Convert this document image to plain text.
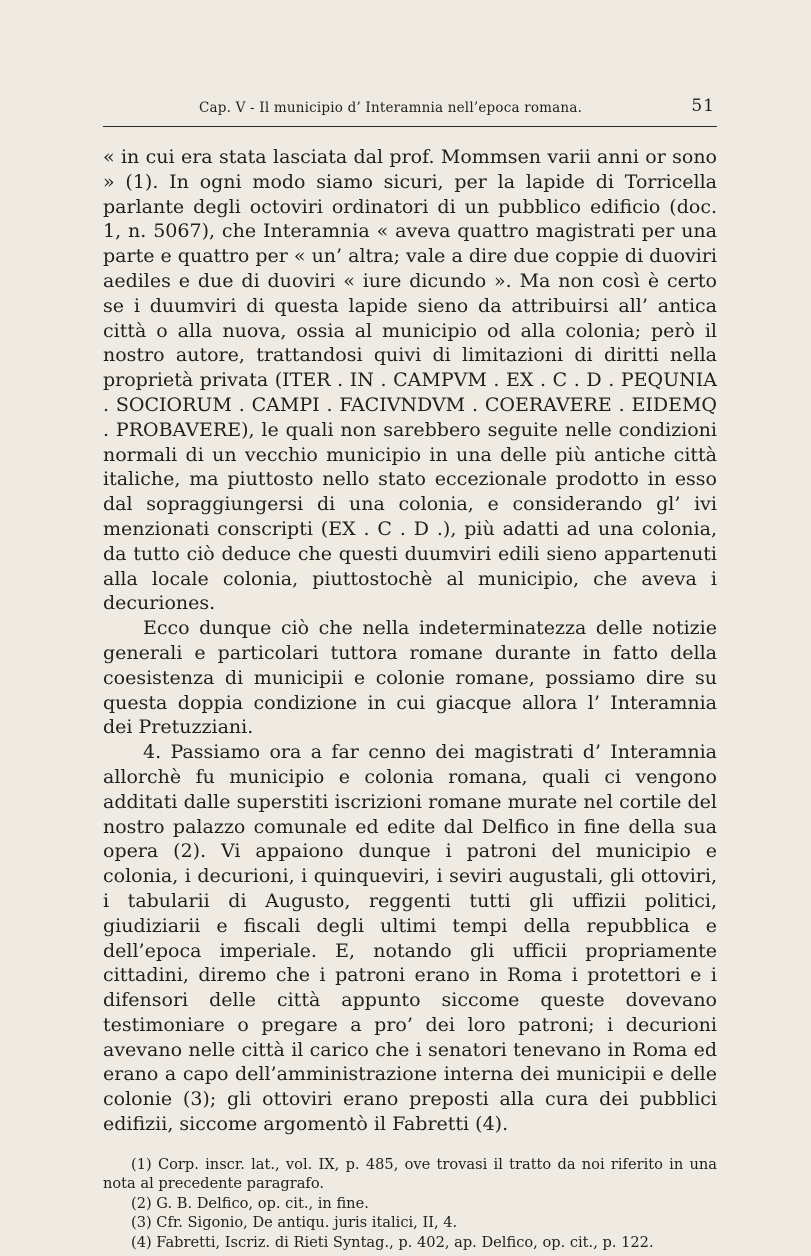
Cap. V - Il municipio d’ Interamnia nell’epoca romana.	51

« in cui era stata lasciata dal prof. Mommsen varii anni or sono » (1). In ogni modo siamo sicuri, per la lapide di Torricella parlante degli octoviri ordinatori di un pubblico edificio (doc. 1, n. 5067), che Interamnia « aveva quattro magistrati per una parte e quattro per « un’ altra; vale a dire due coppie di duoviri aediles e due di duoviri « iure dicundo ». Ma non così è certo se i duumviri di questa lapide sieno da attribuirsi all’ antica città o alla nuova, ossia al municipio od alla colonia; però il nostro autore, trattandosi quivi di limitazioni di diritti nella proprietà privata (ITER . IN . CAMPVM . EX . C . D . PEQUNIA . SOCIORUM . CAMPI . FACIVNDVM . COERAVERE . EIDEMQ . PROBAVERE), le quali non sarebbero seguite nelle condizioni normali di un vecchio municipio in una delle più antiche città italiche, ma piuttosto nello stato eccezionale prodotto in esso dal sopraggiungersi di una colonia, e considerando gl’ ivi menzionati conscripti (EX . C . D .), più adatti ad una colonia, da tutto ciò deduce che questi duumviri edili sieno appartenuti alla locale colonia, piuttostochè al municipio, che aveva i decuriones.

Ecco dunque ciò che nella indeterminatezza delle notizie generali e particolari tuttora romane durante in fatto della coesistenza di municipii e colonie romane, possiamo dire su questa doppia condizione in cui giacque allora l’ Interamnia dei Pretuzziani.

4. Passiamo ora a far cenno dei magistrati d’ Interamnia allorchè fu municipio e colonia romana, quali ci vengono additati dalle superstiti iscrizioni romane murate nel cortile del nostro palazzo comunale ed edite dal Delfico in fine della sua opera (2). Vi appaiono dunque i patroni del municipio e colonia, i decurioni, i quinqueviri, i seviri augustali, gli ottoviri, i tabularii di Augusto, reggenti tutti gli uffizii politici, giudiziarii e fiscali degli ultimi tempi della repubblica e dell’epoca imperiale. E, notando gli ufficii propriamente cittadini, diremo che i patroni erano in Roma i protettori e i difensori delle città appunto siccome queste dovevano testimoniare o pregare a pro’ dei loro patroni; i decurioni avevano nelle città il carico che i senatori tenevano in Roma ed erano a capo dell’amministrazione interna dei municipii e delle colonie (3); gli ottoviri erano preposti alla cura dei pubblici edifizii, siccome argomentò il Fabretti (4).

(1) Corp. inscr. lat., vol. IX, p. 485, ove trovasi il tratto da noi riferito in una nota al precedente paragrafo.

(2) G. B. Delfico, op. cit., in fine.

(3) Cfr. Sigonio, De antiqu. juris italici, II, 4.

(4) Fabretti, Iscriz. di Rieti Syntag., p. 402, ap. Delfico, op. cit., p. 122.
